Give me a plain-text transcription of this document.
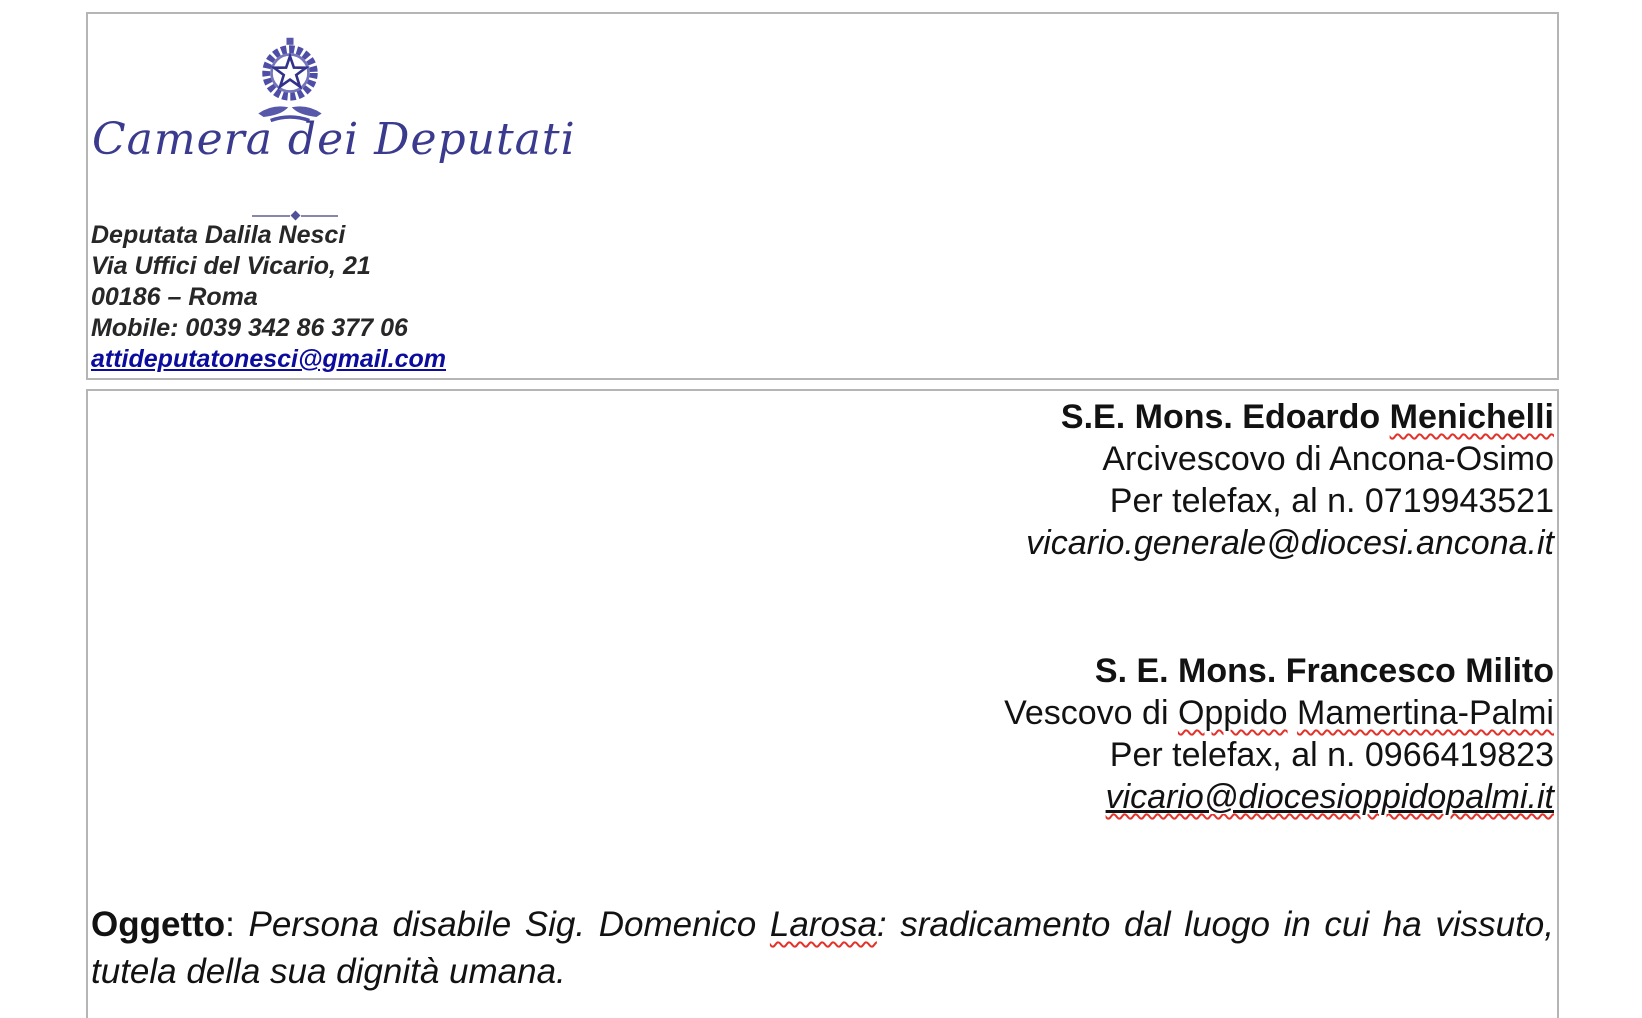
Camera dei Deputati
Deputata Dalila Nesci
Via Uffici del Vicario, 21
00186 – Roma
Mobile: 0039 342 86 377 06
attideputatonesci@gmail.com
S.E. Mons. Edoardo Menichelli
Arcivescovo di Ancona-Osimo
Per telefax, al n. 0719943521
vicario.generale@diocesi.ancona.it
S. E. Mons. Francesco Milito
Vescovo di Oppido Mamertina-Palmi
Per telefax, al n. 0966419823
vicario@diocesioppidopalmi.it

Oggetto: Persona disabile Sig. Domenico Larosa: sradicamento dal luogo in cui ha vissuto, tutela della sua dignità umana.
